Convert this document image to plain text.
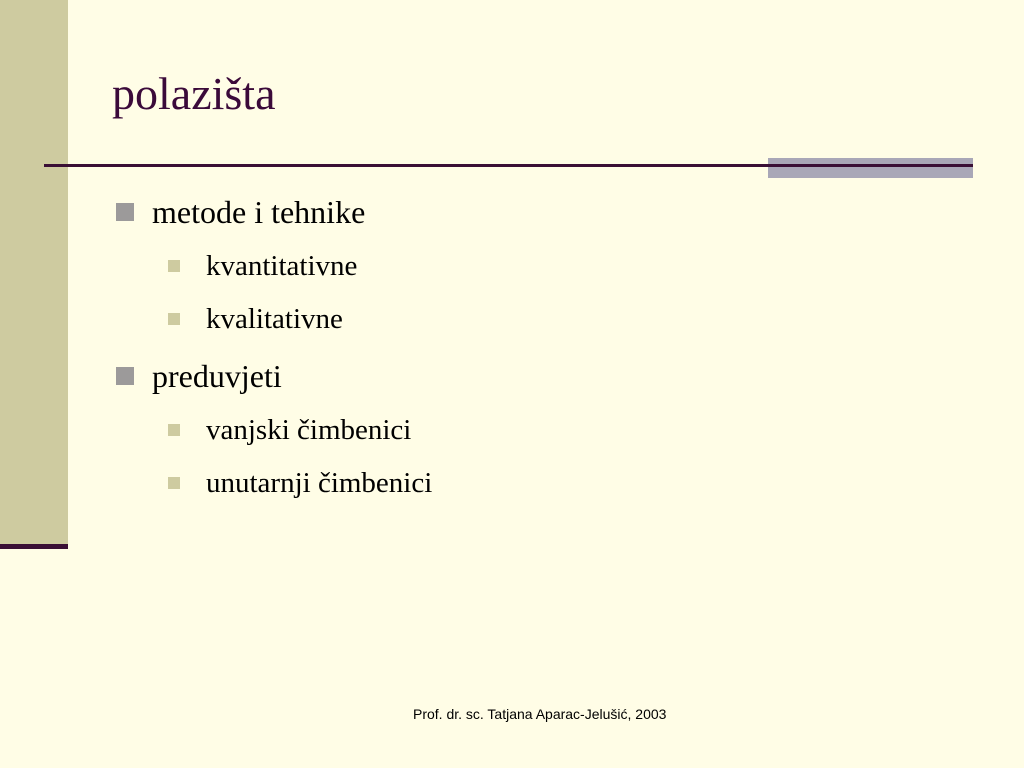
polazišta
metode i tehnike
kvantitativne
kvalitativne
preduvjeti
vanjski čimbenici
unutarnji čimbenici
Prof. dr. sc. Tatjana Aparac-Jelušić, 2003
